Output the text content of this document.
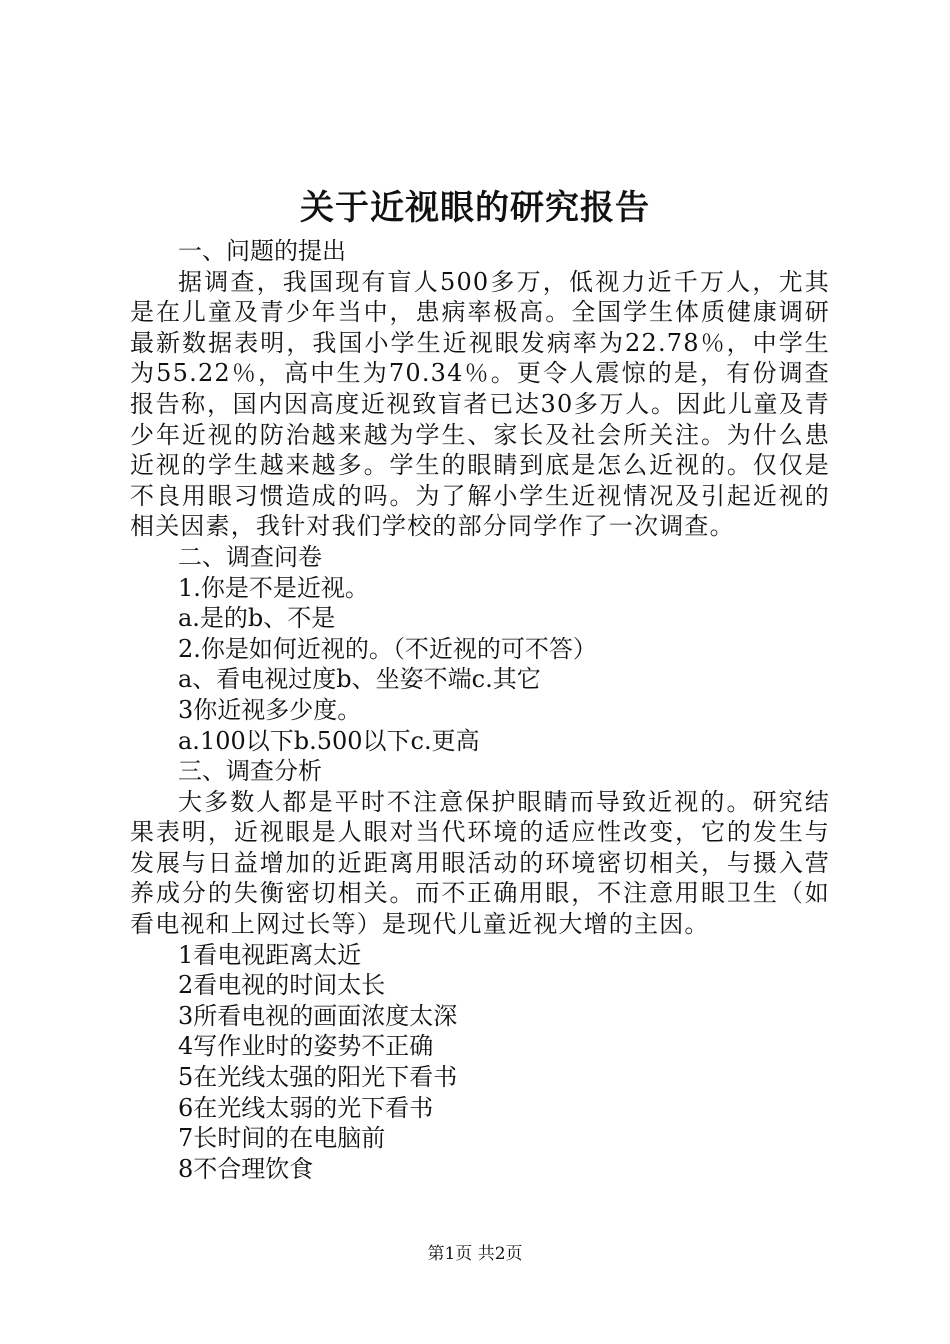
关于近视眼的研究报告

一、问题的提出

据调查，我国现有盲人500多万，低视力近千万人，尤其是在儿童及青少年当中，患病率极高。全国学生体质健康调研最新数据表明，我国小学生近视眼发病率为22.78％，中学生为55.22％，高中生为70.34％。更令人震惊的是，有份调查报告称，国内因高度近视致盲者已达30多万人。因此儿童及青少年近视的防治越来越为学生、家长及社会所关注。为什么患近视的学生越来越多。学生的眼睛到底是怎么近视的。仅仅是不良用眼习惯造成的吗。为了解小学生近视情况及引起近视的相关因素，我针对我们学校的部分同学作了一次调查。

二、调查问卷

1.你是不是近视。

a.是的b、不是

2.你是如何近视的。（不近视的可不答）

a、看电视过度b、坐姿不端c.其它

3你近视多少度。

a.100以下b.500以下c.更高

三、调查分析

大多数人都是平时不注意保护眼睛而导致近视的。研究结果表明，近视眼是人眼对当代环境的适应性改变，它的发生与发展与日益增加的近距离用眼活动的环境密切相关，与摄入营养成分的失衡密切相关。而不正确用眼，不注意用眼卫生（如看电视和上网过长等）是现代儿童近视大增的主因。

1看电视距离太近

2看电视的时间太长

3所看电视的画面浓度太深

4写作业时的姿势不正确

5在光线太强的阳光下看书

6在光线太弱的光下看书

7长时间的在电脑前

8不合理饮食

第1页 共2页
